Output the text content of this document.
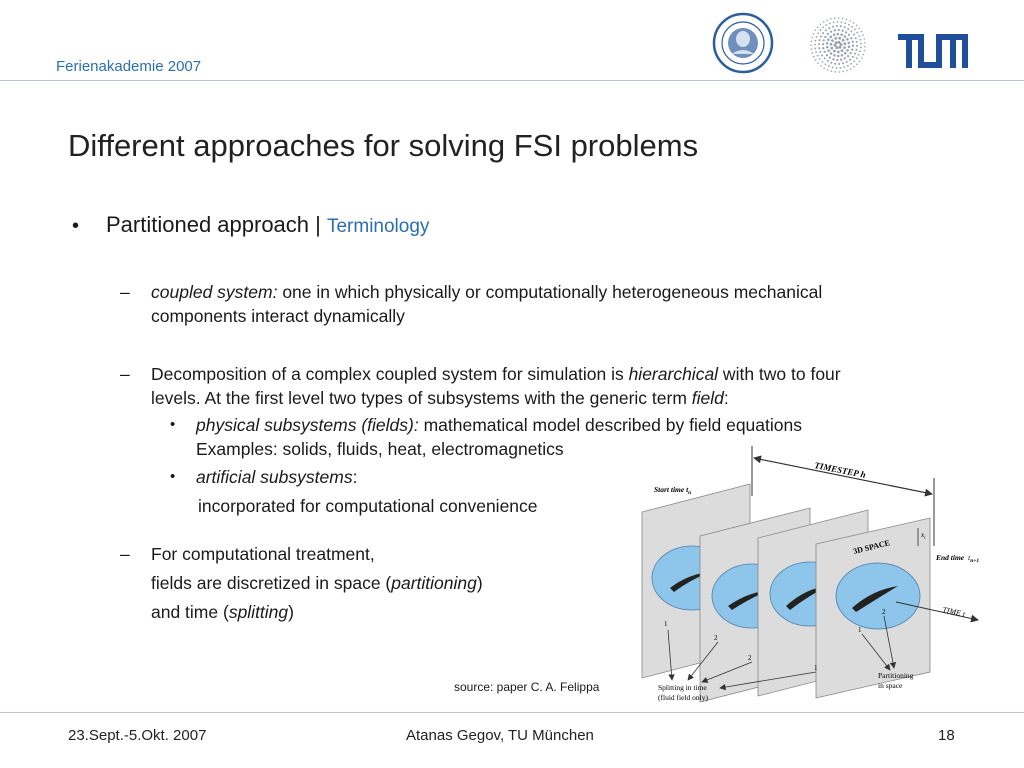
Ferienakademie 2007
Different approaches for solving FSI problems
• Partitioned approach | Terminology
– coupled system: one in which physically or computationally heterogeneous mechanical
components interact dynamically
– Decomposition of a complex coupled system for simulation is hierarchical with two to four
levels. At the first level two types of subsystems with the generic term field:
• physical subsystems (fields): mathematical model described by field equations
Examples: solids, fluids, heat, electromagnetics
• artificial subsystems:
incorporated for computational convenience
– For computational treatment,
fields are discretized in space (partitioning)
and time (splitting)
TIMESTEP h
TIME t
3D SPACE
$x_i$
Start time $t_n$
End time $t_{n+1}$
1
2
2
1
1
2
Splitting in time (fluid field only)
Partitioning in space
source: paper C. A. Felippa
23.Sept.-5.Okt. 2007	Atanas Gegov, TU München	18
